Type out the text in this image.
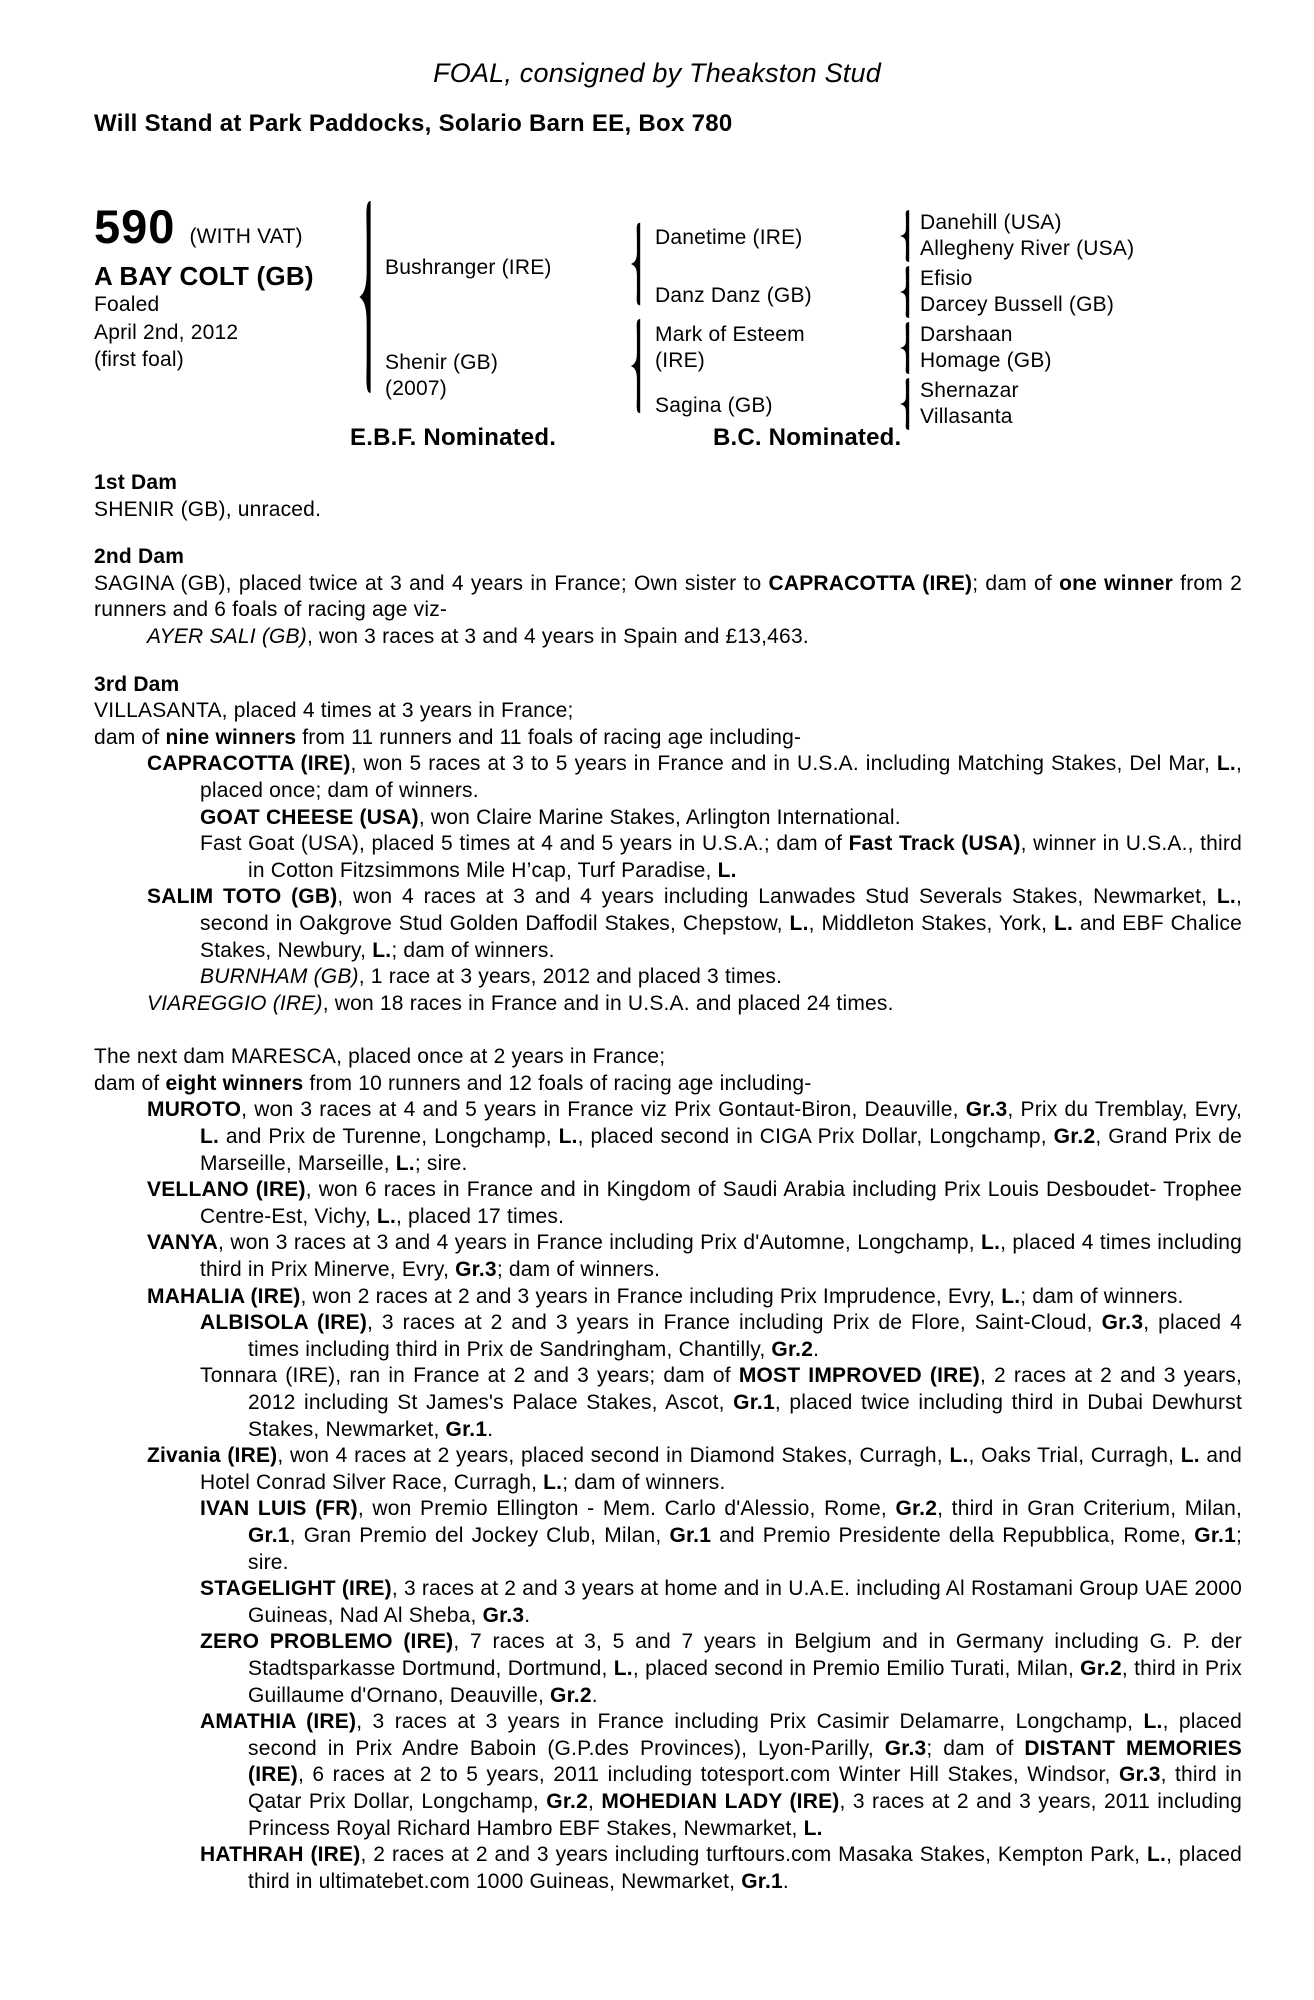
FOAL, consigned by Theakston Stud
Will Stand at Park Paddocks, Solario Barn EE, Box 780
590 (WITH VAT)
A BAY COLT (GB)
Foaled
April 2nd, 2012
(first foal)
Bushranger (IRE)
Shenir (GB)
(2007)
Danetime (IRE)
Danz Danz (GB)
Mark of Esteem
(IRE)
Sagina (GB)
Danehill (USA)
Allegheny River (USA)
Efisio
Darcey Bussell (GB)
Darshaan
Homage (GB)
Shernazar
Villasanta
E.B.F. Nominated.	B.C. Nominated.
1st Dam

SHENIR (GB), unraced.

2nd Dam

SAGINA (GB), placed twice at 3 and 4 years in France; Own sister to CAPRACOTTA (IRE); dam of one winner from 2 runners and 6 foals of racing age viz-

AYER SALI (GB), won 3 races at 3 and 4 years in Spain and £13,463.

3rd Dam

VILLASANTA, placed 4 times at 3 years in France;

dam of nine winners from 11 runners and 11 foals of racing age including-

CAPRACOTTA (IRE), won 5 races at 3 to 5 years in France and in U.S.A. including Matching Stakes, Del Mar, L., placed once; dam of winners.

GOAT CHEESE (USA), won Claire Marine Stakes, Arlington International.

Fast Goat (USA), placed 5 times at 4 and 5 years in U.S.A.; dam of Fast Track (USA), winner in U.S.A., third in Cotton Fitzsimmons Mile H’cap, Turf Paradise, L.

SALIM TOTO (GB), won 4 races at 3 and 4 years including Lanwades Stud Severals Stakes, Newmarket, L., second in Oakgrove Stud Golden Daffodil Stakes, Chepstow, L., Middleton Stakes, York, L. and EBF Chalice Stakes, Newbury, L.; dam of winners.

BURNHAM (GB), 1 race at 3 years, 2012 and placed 3 times.

VIAREGGIO (IRE), won 18 races in France and in U.S.A. and placed 24 times.

The next dam MARESCA, placed once at 2 years in France;

dam of eight winners from 10 runners and 12 foals of racing age including-

MUROTO, won 3 races at 4 and 5 years in France viz Prix Gontaut-Biron, Deauville, Gr.3, Prix du Tremblay, Evry, L. and Prix de Turenne, Longchamp, L., placed second in CIGA Prix Dollar, Longchamp, Gr.2, Grand Prix de Marseille, Marseille, L.; sire.

VELLANO (IRE), won 6 races in France and in Kingdom of Saudi Arabia including Prix Louis Desboudet- Trophee Centre-Est, Vichy, L., placed 17 times.

VANYA, won 3 races at 3 and 4 years in France including Prix d'Automne, Longchamp, L., placed 4 times including third in Prix Minerve, Evry, Gr.3; dam of winners.

MAHALIA (IRE), won 2 races at 2 and 3 years in France including Prix Imprudence, Evry, L.; dam of winners.

ALBISOLA (IRE), 3 races at 2 and 3 years in France including Prix de Flore, Saint-Cloud, Gr.3, placed 4 times including third in Prix de Sandringham, Chantilly, Gr.2.

Tonnara (IRE), ran in France at 2 and 3 years; dam of MOST IMPROVED (IRE), 2 races at 2 and 3 years, 2012 including St James's Palace Stakes, Ascot, Gr.1, placed twice including third in Dubai Dewhurst Stakes, Newmarket, Gr.1.

Zivania (IRE), won 4 races at 2 years, placed second in Diamond Stakes, Curragh, L., Oaks Trial, Curragh, L. and Hotel Conrad Silver Race, Curragh, L.; dam of winners.

IVAN LUIS (FR), won Premio Ellington - Mem. Carlo d'Alessio, Rome, Gr.2, third in Gran Criterium, Milan, Gr.1, Gran Premio del Jockey Club, Milan, Gr.1 and Premio Presidente della Repubblica, Rome, Gr.1; sire.

STAGELIGHT (IRE), 3 races at 2 and 3 years at home and in U.A.E. including Al Rostamani Group UAE 2000 Guineas, Nad Al Sheba, Gr.3.

ZERO PROBLEMO (IRE), 7 races at 3, 5 and 7 years in Belgium and in Germany including G. P. der Stadtsparkasse Dortmund, Dortmund, L., placed second in Premio Emilio Turati, Milan, Gr.2, third in Prix Guillaume d'Ornano, Deauville, Gr.2.

AMATHIA (IRE), 3 races at 3 years in France including Prix Casimir Delamarre, Longchamp, L., placed second in Prix Andre Baboin (G.P.des Provinces), Lyon-Parilly, Gr.3; dam of DISTANT MEMORIES (IRE), 6 races at 2 to 5 years, 2011 including totesport.com Winter Hill Stakes, Windsor, Gr.3, third in Qatar Prix Dollar, Longchamp, Gr.2, MOHEDIAN LADY (IRE), 3 races at 2 and 3 years, 2011 including Princess Royal Richard Hambro EBF Stakes, Newmarket, L.

HATHRAH (IRE), 2 races at 2 and 3 years including turftours.com Masaka Stakes, Kempton Park, L., placed third in ultimatebet.com 1000 Guineas, Newmarket, Gr.1.
